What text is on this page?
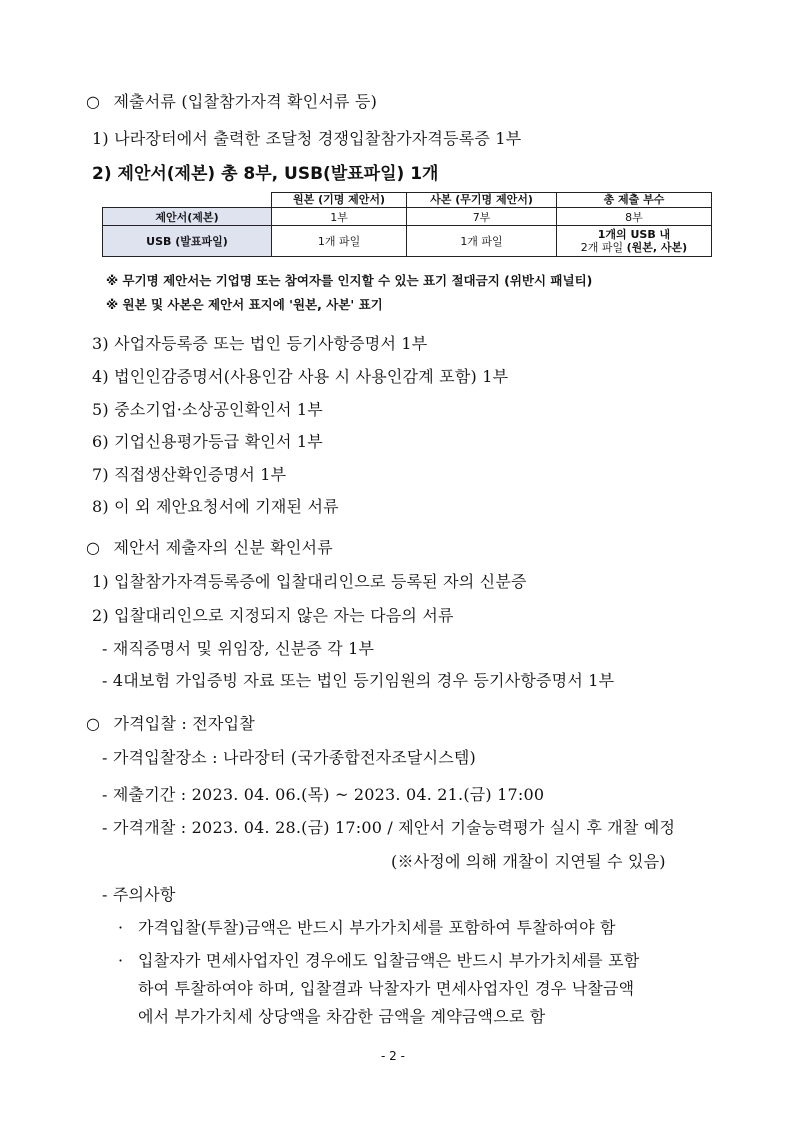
○ 제출서류 (입찰참가자격 확인서류 등)
1) 나라장터에서 출력한 조달청 경쟁입찰참가자격등록증 1부
2) 제안서(제본) 총 8부, USB(발표파일) 1개
	원본 (기명 제안서)	사본 (무기명 제안서)	총 제출 부수
제안서(제본)	1부	7부	8부
USB (발표파일)	1개 파일	1개 파일	1개의 USB 내
2개 파일 (원본, 사본)
※ 무기명 제안서는 기업명 또는 참여자를 인지할 수 있는 표기 절대금지 (위반시 패널티)
※ 원본 및 사본은 제안서 표지에 '원본, 사본' 표기
3) 사업자등록증 또는 법인 등기사항증명서 1부
4) 법인인감증명서(사용인감 사용 시 사용인감계 포함) 1부
5) 중소기업·소상공인확인서 1부
6) 기업신용평가등급 확인서 1부
7) 직접생산확인증명서 1부
8) 이 외 제안요청서에 기재된 서류
○ 제안서 제출자의 신분 확인서류
1) 입찰참가자격등록증에 입찰대리인으로 등록된 자의 신분증
2) 입찰대리인으로 지정되지 않은 자는 다음의 서류
- 재직증명서 및 위임장, 신분증 각 1부
- 4대보험 가입증빙 자료 또는 법인 등기임원의 경우 등기사항증명서 1부
○ 가격입찰 : 전자입찰
- 가격입찰장소 : 나라장터 (국가종합전자조달시스템)
- 제출기간 : 2023. 04. 06.(목) ~ 2023. 04. 21.(금) 17:00
- 가격개찰 : 2023. 04. 28.(금) 17:00 / 제안서 기술능력평가 실시 후 개찰 예정
(※사정에 의해 개찰이 지연될 수 있음)
- 주의사항
· 가격입찰(투찰)금액은 반드시 부가가치세를 포함하여 투찰하여야 함
· 입찰자가 면세사업자인 경우에도 입찰금액은 반드시 부가가치세를 포함
하여 투찰하여야 하며, 입찰결과 낙찰자가 면세사업자인 경우 낙찰금액
에서 부가가치세 상당액을 차감한 금액을 계약금액으로 함
- 2 -
